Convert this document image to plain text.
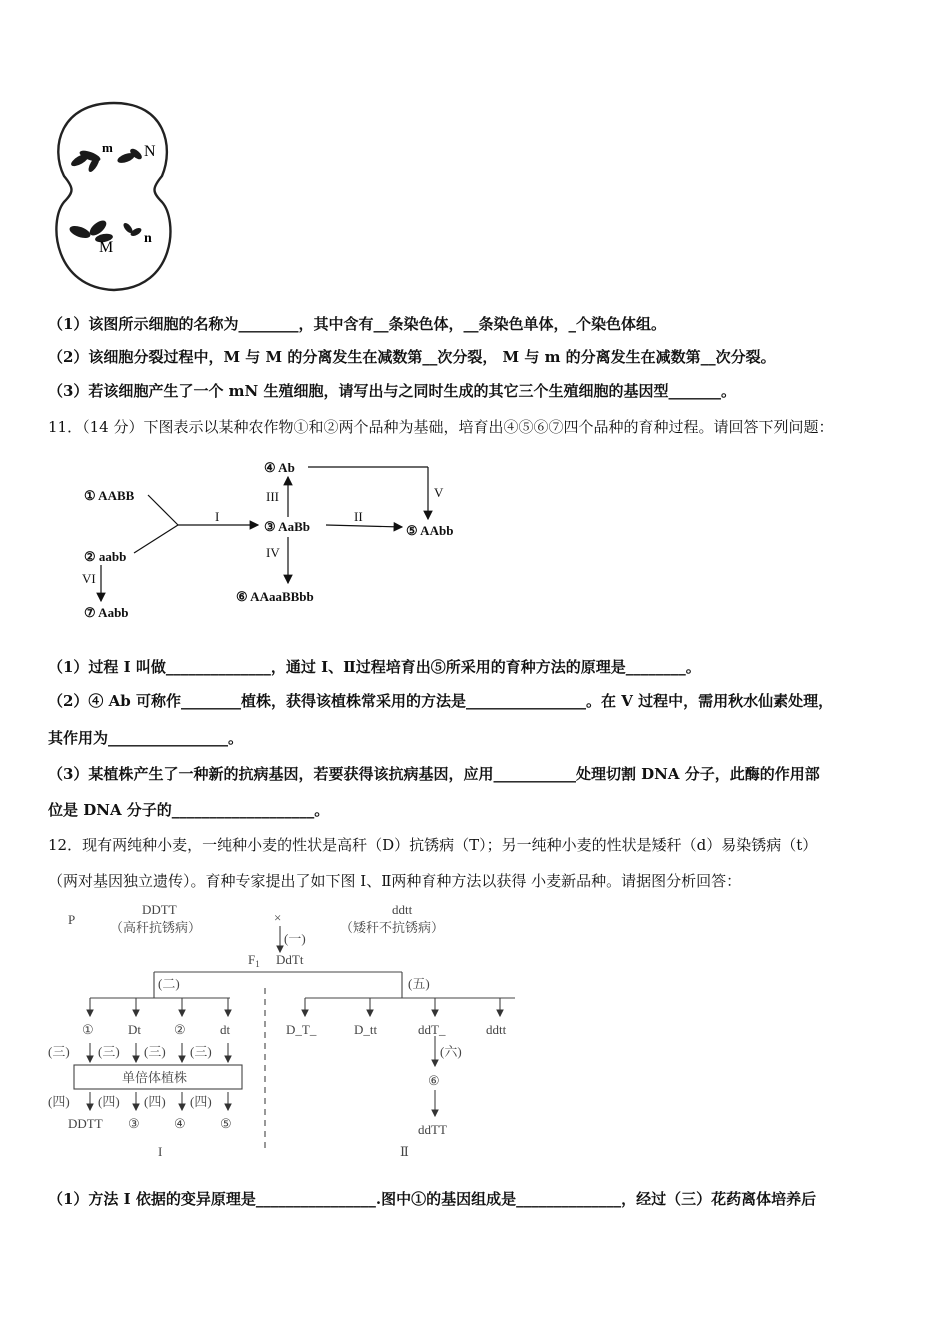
m N
M
n
（1）该图所示细胞的名称为________，其中含有__条染色体，__条染色单体，_个染色体组。
（2）该细胞分裂过程中，M 与 M 的分离发生在减数第__次分裂， M 与 m 的分离发生在减数第__次分裂。
（3）若该细胞产生了一个 mN 生殖细胞，请写出与之同时生成的其它三个生殖细胞的基因型_______。
11．（14 分）下图表示以某种农作物①和②两个品种为基础，培育出④⑤⑥⑦四个品种的育种过程。请回答下列问题：
① AABB
② aabb
③ AaBb
④ Ab
⑤ AAbb
⑥ AAaaBBbb
⑦ Aabb
I	II
III
IV
V
VI
（1）过程 I 叫做______________，通过 I、Ⅱ过程培育出⑤所采用的育种方法的原理是________。
（2）④ Ab 可称作________植株，获得该植株常采用的方法是________________。在 V 过程中，需用秋水仙素处理，
其作用为________________。
（3）某植株产生了一种新的抗病基因，若要获得该抗病基因，应用___________处理切割 DNA 分子，此酶的作用部
位是 DNA 分子的___________________。
12．现有两纯种小麦，一纯种小麦的性状是高秆（D）抗锈病（T）；另一纯种小麦的性状是矮秆（d）易染锈病（t）
（两对基因独立遗传）。育种专家提出了如下图 I、Ⅱ两种育种方法以获得 小麦新品种。请据图分析回答：
P
DDTT
（高秆抗锈病）
×
ddtt
（矮秆不抗锈病）
(一)
$F_1$ DdTt
(二)	(五)
①	Dt	②	dt	D_T_	D_tt	ddT_	ddtt
(三) (三) (三) (三)
单倍体植株
(四) (四) (四) (四)
DDTT ③	④	⑤
(六)
⑥
ddTT
I	Ⅱ
（1）方法 I 依据的变异原理是________________.图中①的基因组成是______________，经过（三）花药离体培养后
